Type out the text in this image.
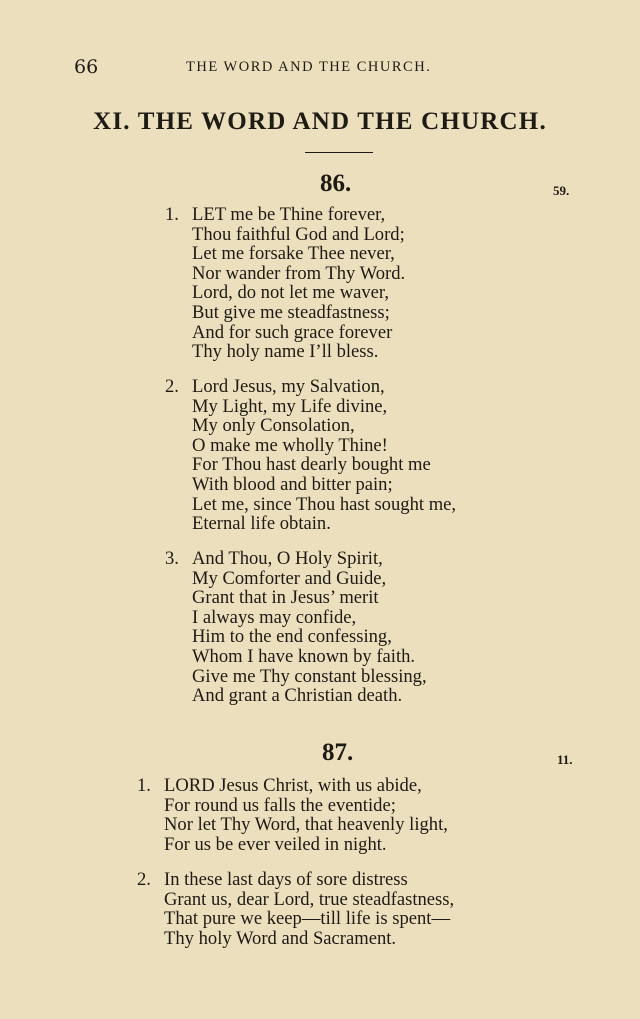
66	THE WORD AND THE CHURCH.
XI. THE WORD AND THE CHURCH.
86.	59.
1. LET me be Thine forever,
Thou faithful God and Lord;
Let me forsake Thee never,
Nor wander from Thy Word.
Lord, do not let me waver,
But give me steadfastness;
And for such grace forever
Thy holy name I’ll bless.
2. Lord Jesus, my Salvation,
My Light, my Life divine,
My only Consolation,
O make me wholly Thine!
For Thou hast dearly bought me
With blood and bitter pain;
Let me, since Thou hast sought me,
Eternal life obtain.
3. And Thou, O Holy Spirit,
My Comforter and Guide,
Grant that in Jesus’ merit
I always may confide,
Him to the end confessing,
Whom I have known by faith.
Give me Thy constant blessing,
And grant a Christian death.
87.	11.
1. LORD Jesus Christ, with us abide,
For round us falls the eventide;
Nor let Thy Word, that heavenly light,
For us be ever veiled in night.
2. In these last days of sore distress
Grant us, dear Lord, true steadfastness,
That pure we keep—till life is spent—
Thy holy Word and Sacrament.
